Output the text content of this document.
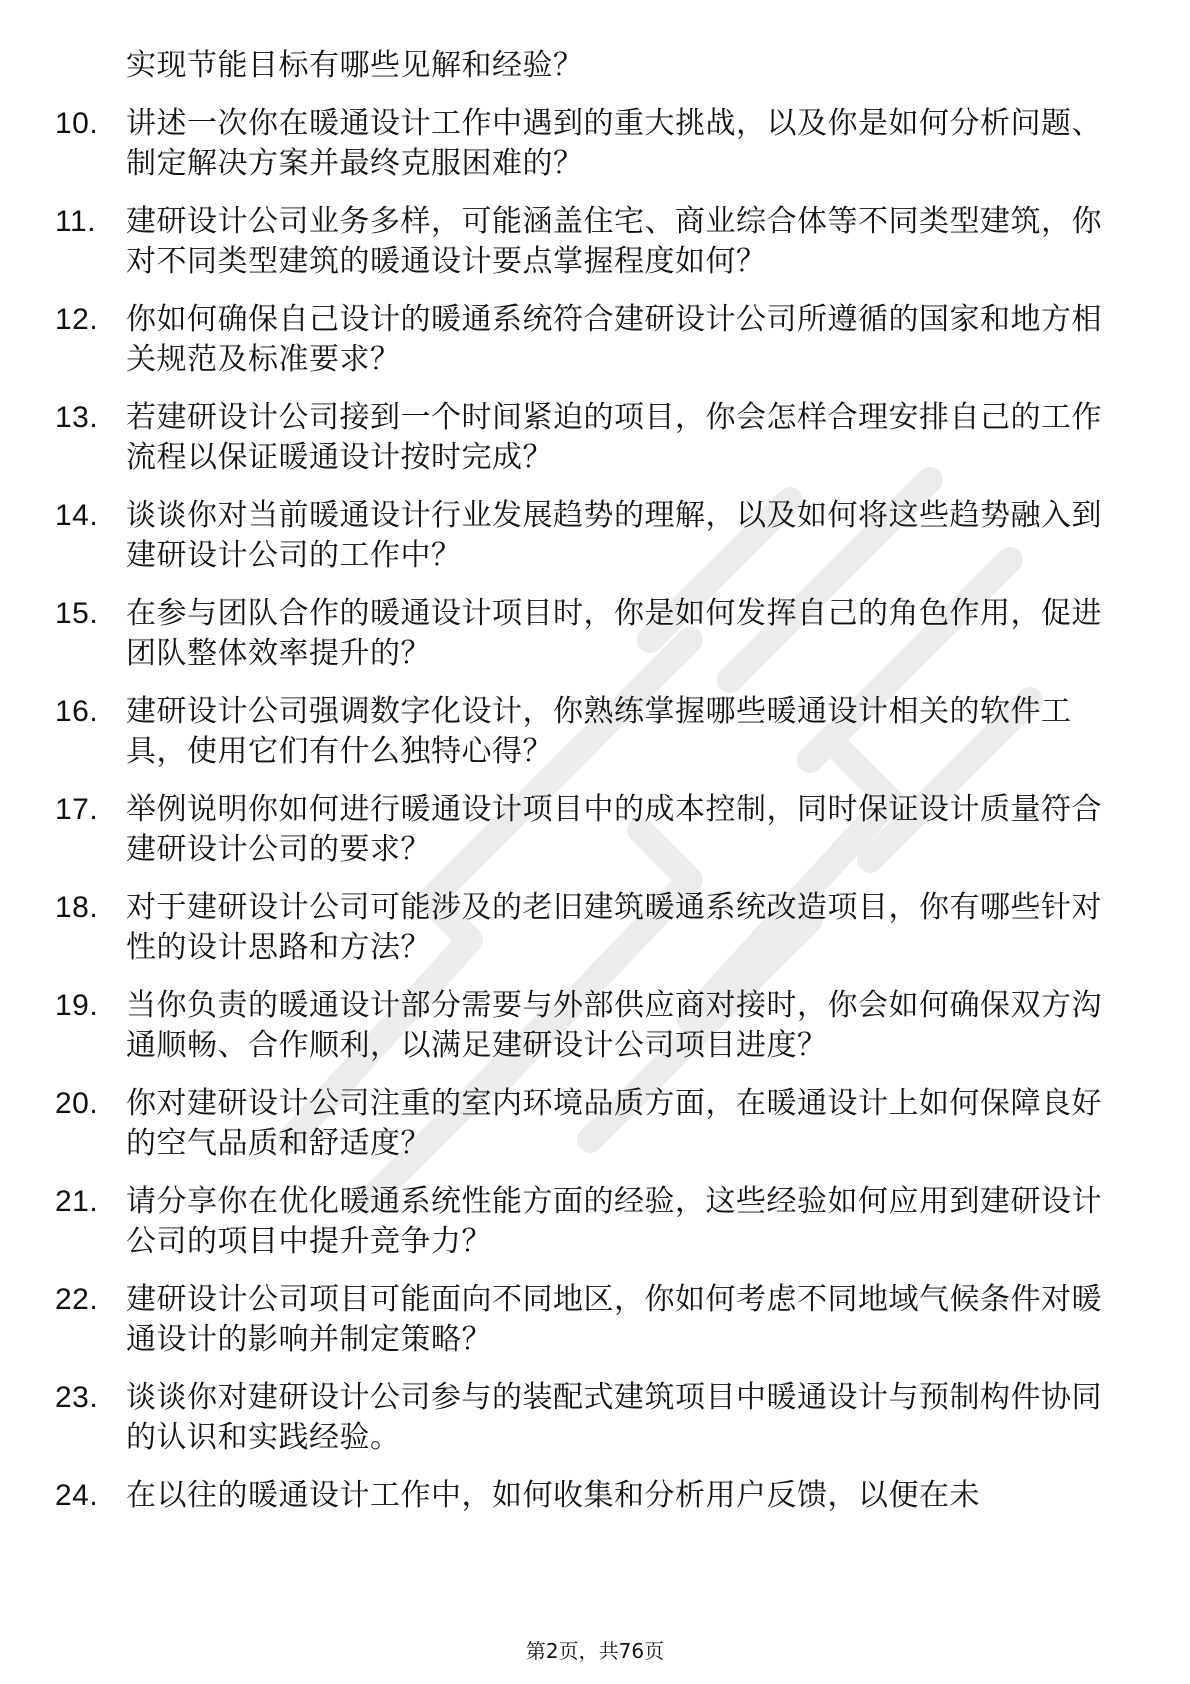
实现节能目标有哪些见解和经验？
10. 讲述一次你在暖通设计工作中遇到的重大挑战，以及你是如何分析问题、制定解决方案并最终克服困难的？
11.	建研设计公司业务多样，可能涵盖住宅、商业综合体等不同类型建筑，你对不同类型建筑的暖通设计要点掌握程度如何？
12. 你如何确保自己设计的暖通系统符合建研设计公司所遵循的国家和地方相关规范及标准要求？
13. 若建研设计公司接到一个时间紧迫的项目，你会怎样合理安排自己的工作流程以保证暖通设计按时完成？
14. 谈谈你对当前暖通设计行业发展趋势的理解，以及如何将这些趋势融入到建研设计公司的工作中？
15. 在参与团队合作的暖通设计项目时，你是如何发挥自己的角色作用，促进团队整体效率提升的？
16. 建研设计公司强调数字化设计，你熟练掌握哪些暖通设计相关的软件工具，使用它们有什么独特心得？
17. 举例说明你如何进行暖通设计项目中的成本控制，同时保证设计质量符合建研设计公司的要求？
18. 对于建研设计公司可能涉及的老旧建筑暖通系统改造项目，你有哪些针对性的设计思路和方法？
19. 当你负责的暖通设计部分需要与外部供应商对接时，你会如何确保双方沟通顺畅、合作顺利，以满足建研设计公司项目进度？
20. 你对建研设计公司注重的室内环境品质方面，在暖通设计上如何保障良好的空气品质和舒适度？
21. 请分享你在优化暖通系统性能方面的经验，这些经验如何应用到建研设计公司的项目中提升竞争力？
22. 建研设计公司项目可能面向不同地区，你如何考虑不同地域气候条件对暖通设计的影响并制定策略？
23. 谈谈你对建研设计公司参与的装配式建筑项目中暖通设计与预制构件协同的认识和实践经验。
24. 在以往的暖通设计工作中，如何收集和分析用户反馈，以便在未
第2页，共76页
